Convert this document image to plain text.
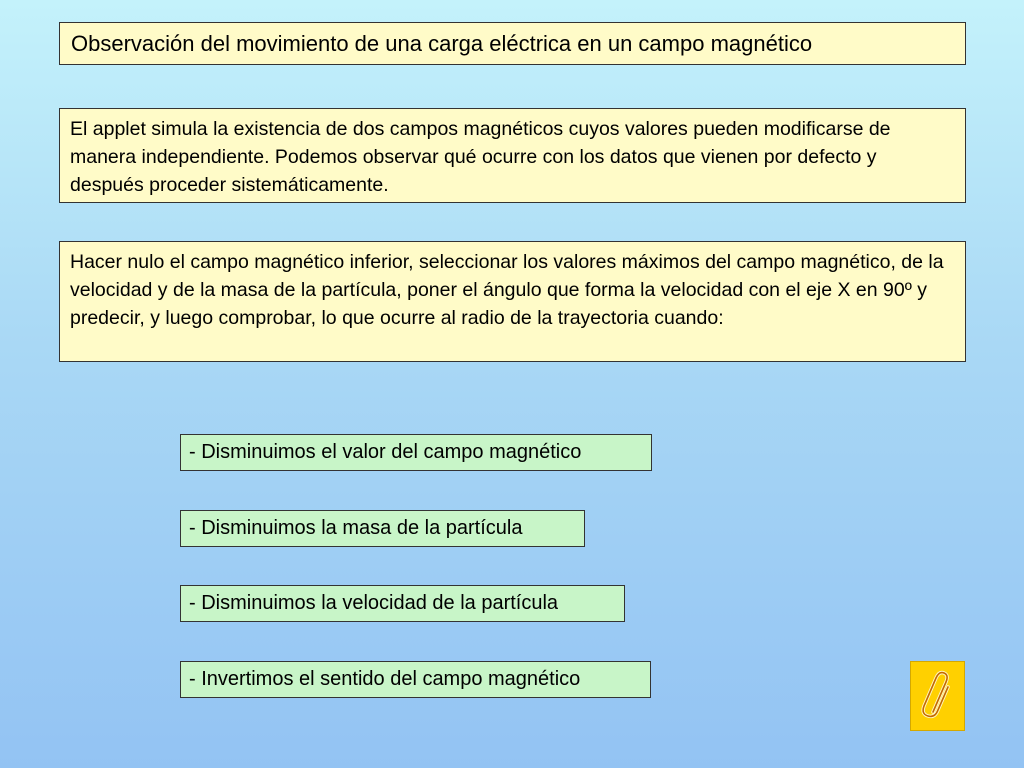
Observación del movimiento de una carga eléctrica en un campo magnético
El applet simula la existencia de dos campos magnéticos cuyos valores pueden modificarse de manera independiente. Podemos observar qué ocurre con los datos que vienen por defecto y después proceder sistemáticamente.
Hacer nulo el campo magnético inferior, seleccionar los valores máximos del campo magnético, de la velocidad y de la masa de la partícula, poner el ángulo que forma la velocidad con el eje X en 90º y predecir, y luego comprobar, lo que ocurre al radio de la trayectoria cuando:
- Disminuimos el valor del campo magnético
- Disminuimos la masa de la partícula
- Disminuimos la velocidad de la partícula
- Invertimos el sentido del campo magnético
